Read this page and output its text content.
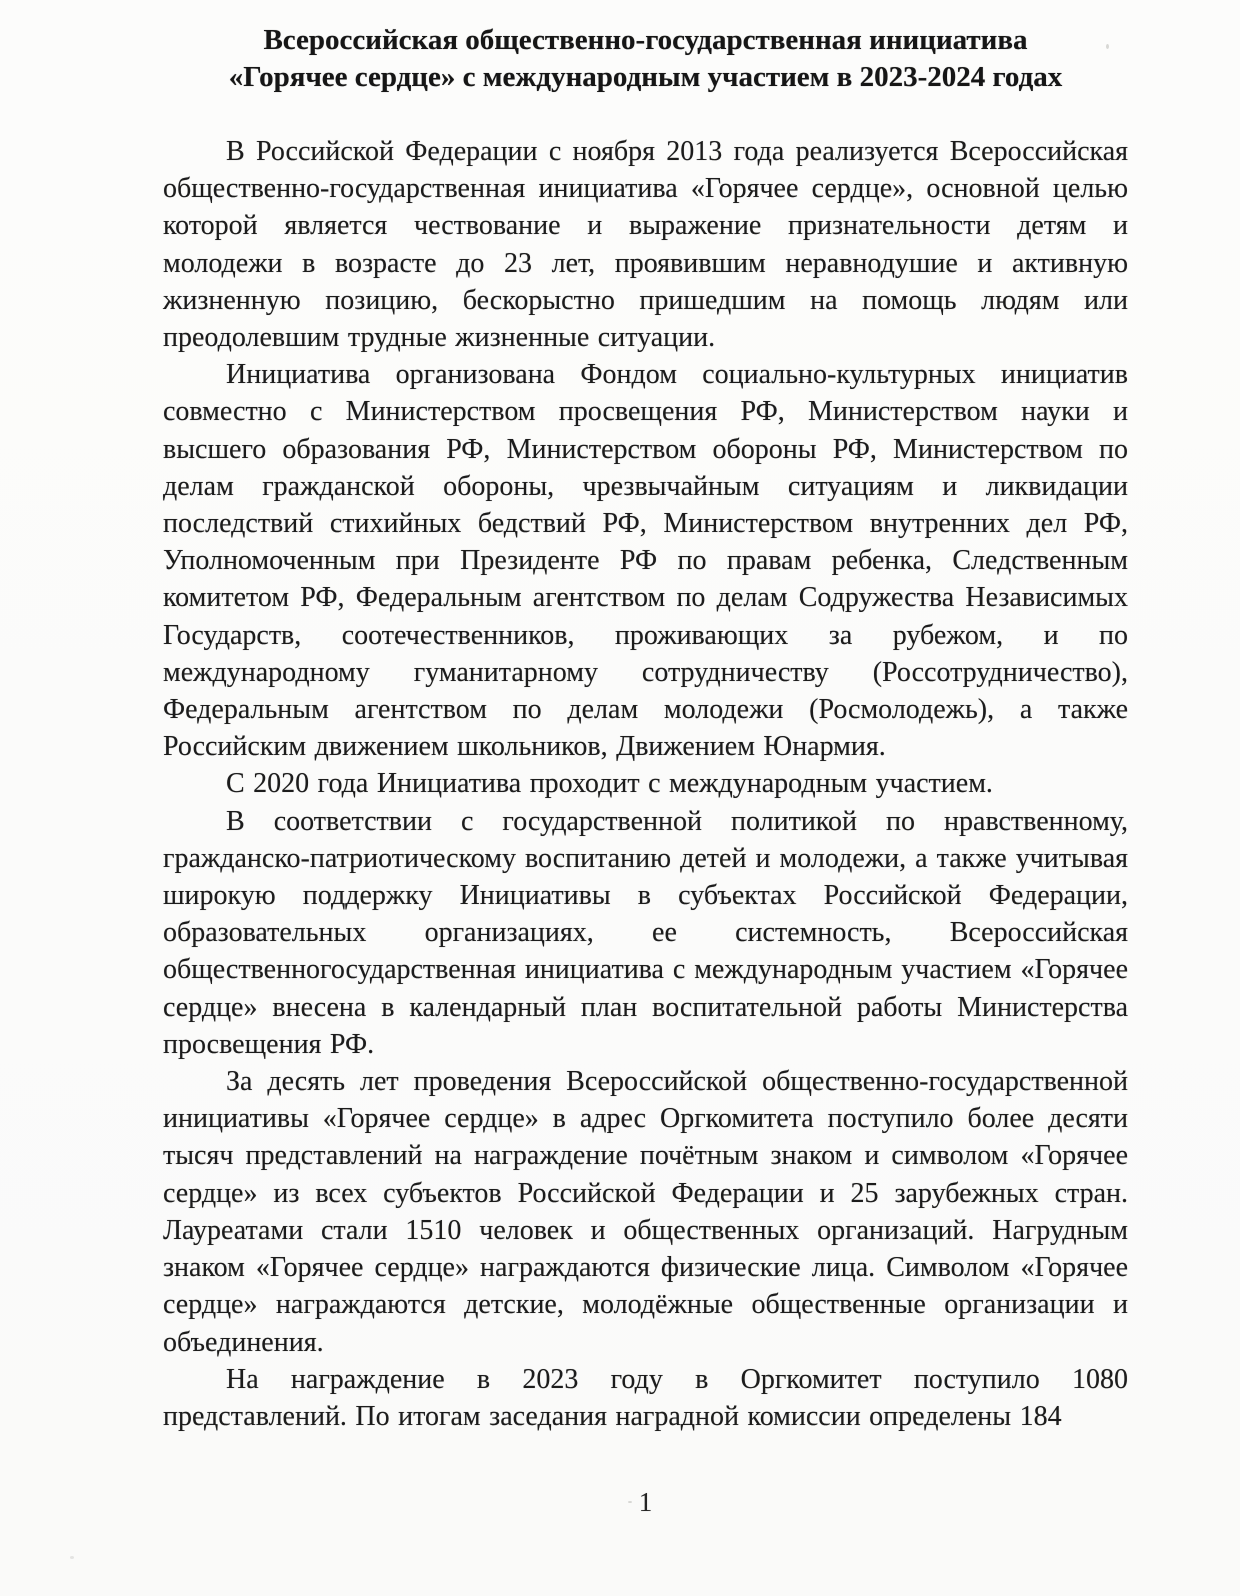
Всероссийская общественно-государственная инициатива
«Горячее сердце» с международным участием в 2023-2024 годах

В Российской Федерации с ноября 2013 года реализуется Всероссийская общественно-государственная инициатива «Горячее сердце», основной целью которой является чествование и выражение признательности детям и молодежи в возрасте до 23 лет, проявившим неравнодушие и активную жизненную позицию, бескорыстно пришедшим на помощь людям или преодолевшим трудные жизненные ситуации.

Инициатива организована Фондом социально-культурных инициатив совместно с Министерством просвещения РФ, Министерством науки и высшего образования РФ, Министерством обороны РФ, Министерством по делам гражданской обороны, чрезвычайным ситуациям и ликвидации последствий стихийных бедствий РФ, Министерством внутренних дел РФ, Уполномоченным при Президенте РФ по правам ребенка, Следственным комитетом РФ, Федеральным агентством по делам Содружества Независимых Государств, соотечественников, проживающих за рубежом, и по международному гуманитарному сотрудничеству (Россотрудничество), Федеральным агентством по делам молодежи (Росмолодежь), а также Российским движением школьников, Движением Юнармия.

С 2020 года Инициатива проходит с международным участием.

В соответствии с государственной политикой по нравственному, гражданско-патриотическому воспитанию детей и молодежи, а также учитывая широкую поддержку Инициативы в субъектах Российской Федерации, образовательных организациях, ее системность, Всероссийская общественногосударственная инициатива с международным участием «Горячее сердце» внесена в календарный план воспитательной работы Министерства просвещения РФ.

За десять лет проведения Всероссийской общественно-государственной инициативы «Горячее сердце» в адрес Оргкомитета поступило более десяти тысяч представлений на награждение почётным знаком и символом «Горячее сердце» из всех субъектов Российской Федерации и 25 зарубежных стран. Лауреатами стали 1510 человек и общественных организаций. Нагрудным знаком «Горячее сердце» награждаются физические лица. Символом «Горячее сердце» награждаются детские, молодёжные общественные организации и объединения.

На награждение в 2023 году в Оргкомитет поступило 1080 представлений. По итогам заседания наградной комиссии определены 184

1
